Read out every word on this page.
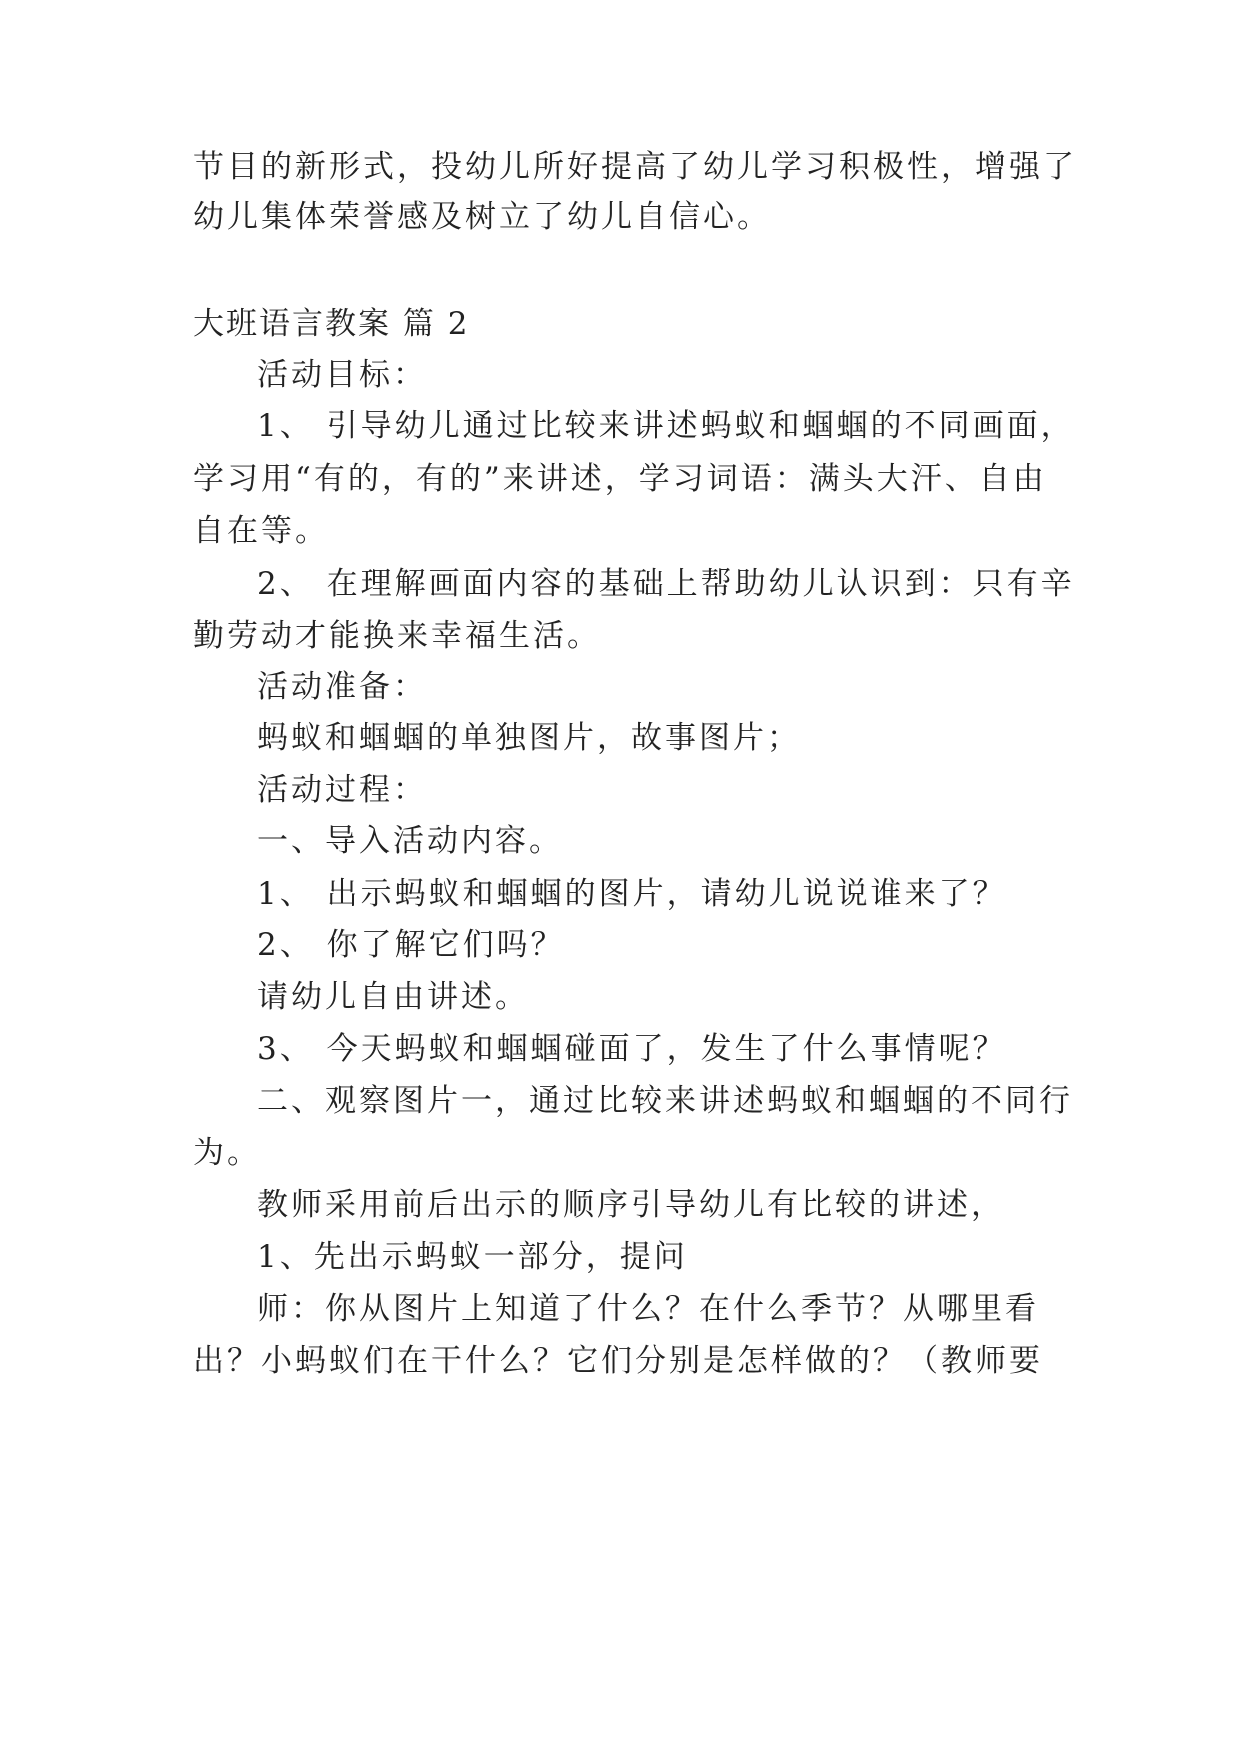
节目的新形式，投幼儿所好提高了幼儿学习积极性，增强了
幼儿集体荣誉感及树立了幼儿自信心。
大班语言教案 篇 2
活动目标：
1、 引导幼儿通过比较来讲述蚂蚁和蝈蝈的不同画面，
学习用“有的，有的”来讲述，学习词语：满头大汗、自由
自在等。
2、 在理解画面内容的基础上帮助幼儿认识到：只有辛
勤劳动才能换来幸福生活。
活动准备：
蚂蚁和蝈蝈的单独图片，故事图片；
活动过程：
一、导入活动内容。
1、 出示蚂蚁和蝈蝈的图片，请幼儿说说谁来了？
2、 你了解它们吗？
请幼儿自由讲述。
3、 今天蚂蚁和蝈蝈碰面了，发生了什么事情呢？
二、观察图片一，通过比较来讲述蚂蚁和蝈蝈的不同行
为。
教师采用前后出示的顺序引导幼儿有比较的讲述，
1、先出示蚂蚁一部分，提问
师：你从图片上知道了什么？在什么季节？从哪里看
出？小蚂蚁们在干什么？它们分别是怎样做的？（教师要
